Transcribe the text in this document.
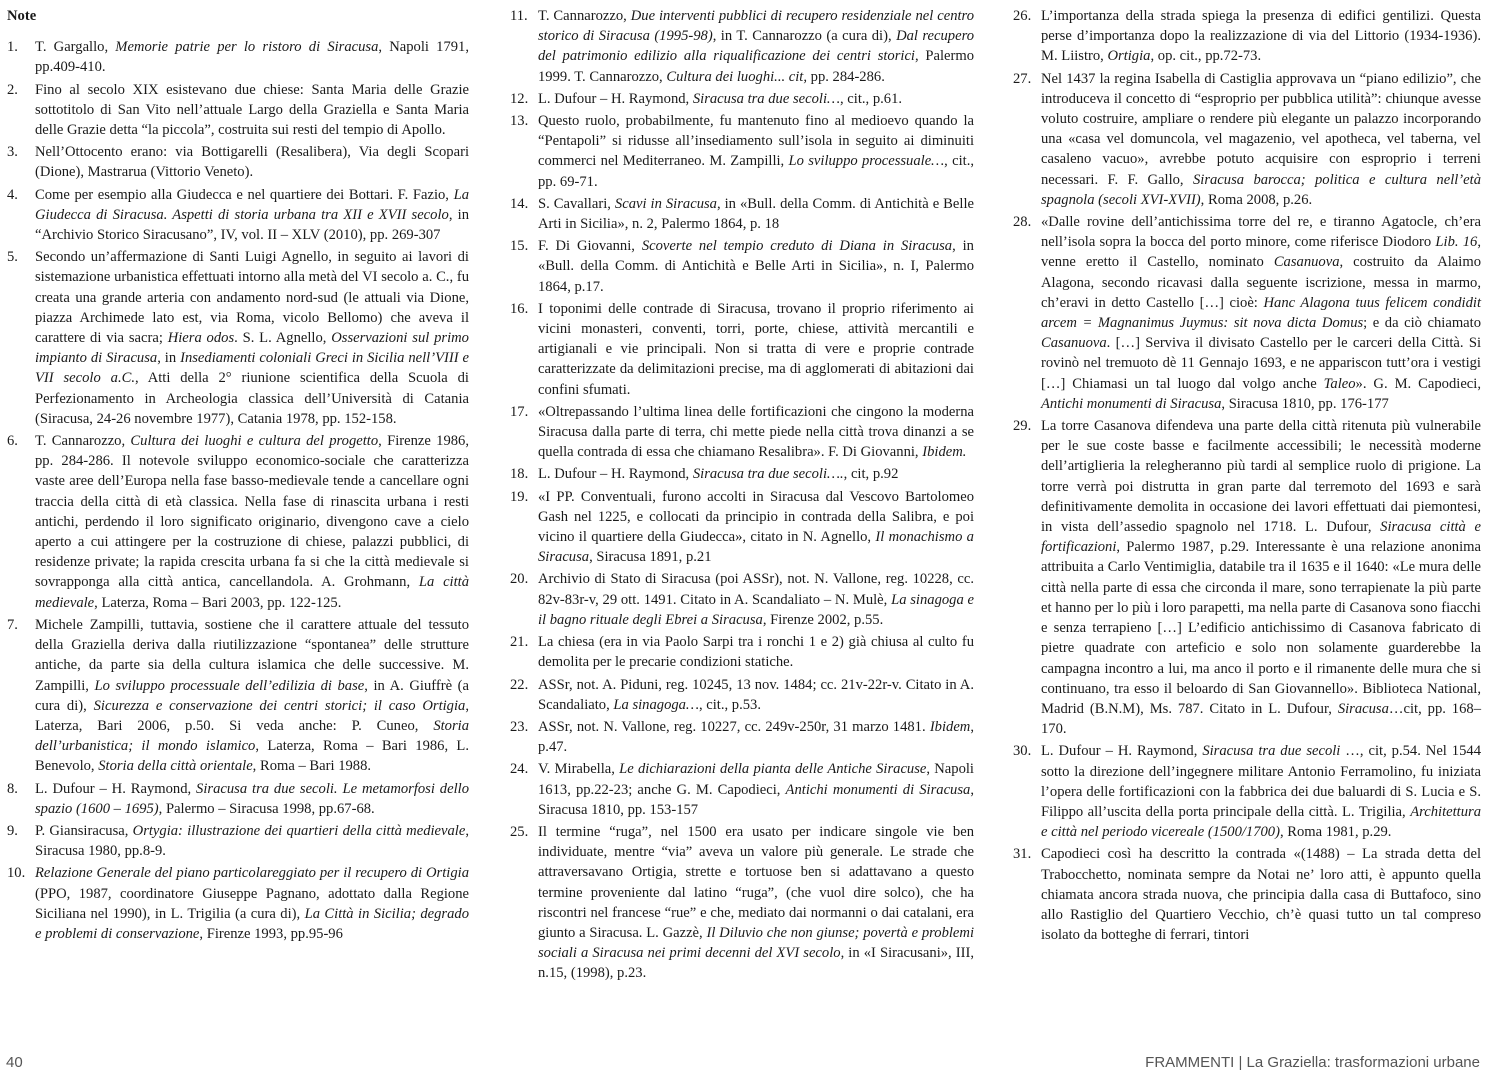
Note
1. T. Gargallo, Memorie patrie per lo ristoro di Siracusa, Napoli 1791, pp.409-410.
2. Fino al secolo XIX esistevano due chiese: Santa Maria delle Grazie sottotitolo di San Vito nell’attuale Largo della Graziella e Santa Maria delle Grazie detta “la piccola”, costruita sui resti del tempio di Apollo.
3. Nell’Ottocento erano: via Bottigarelli (Resalibera), Via degli Scopari (Dione), Mastrarua (Vittorio Veneto).
4. Come per esempio alla Giudecca e nel quartiere dei Bottari. F. Fazio, La Giudecca di Siracusa. Aspetti di storia urbana tra XII e XVII secolo, in “Archivio Storico Siracusano”, IV, vol. II – XLV (2010), pp. 269-307
5. Secondo un’affermazione di Santi Luigi Agnello, in seguito ai lavori di sistemazione urbanistica effettuati intorno alla metà del VI secolo a. C., fu creata una grande arteria con andamento nord-sud (le attuali via Dione, piazza Archimede lato est, via Roma, vicolo Bellomo) che aveva il carattere di via sacra; Hiera odos. S. L. Agnello, Osservazioni sul primo impianto di Siracusa, in Insediamenti coloniali Greci in Sicilia nell’VIII e VII secolo a.C., Atti della 2° riunione scientifica della Scuola di Perfezionamento in Archeologia classica dell’Università di Catania (Siracusa, 24-26 novembre 1977), Catania 1978, pp. 152-158.
6. T. Cannarozzo, Cultura dei luoghi e cultura del progetto, Firenze 1986, pp. 284-286. Il notevole sviluppo economico-sociale che caratterizza vaste aree dell’Europa nella fase basso-medievale tende a cancellare ogni traccia della città di età classica. Nella fase di rinascita urbana i resti antichi, perdendo il loro significato originario, divengono cave a cielo aperto a cui attingere per la costruzione di chiese, palazzi pubblici, di residenze private; la rapida crescita urbana fa si che la città medievale si sovrapponga alla città antica, cancellandola. A. Grohmann, La città medievale, Laterza, Roma – Bari 2003, pp. 122-125.
7. Michele Zampilli, tuttavia, sostiene che il carattere attuale del tessuto della Graziella deriva dalla riutilizzazione “spontanea” delle strutture antiche, da parte sia della cultura islamica che delle successive. M. Zampilli, Lo sviluppo processuale dell’edilizia di base, in A. Giuffrè (a cura di), Sicurezza e conservazione dei centri storici; il caso Ortigia, Laterza, Bari 2006, p.50. Si veda anche: P. Cuneo, Storia dell’urbanistica; il mondo islamico, Laterza, Roma – Bari 1986, L. Benevolo, Storia della città orientale, Roma – Bari 1988.
8. L. Dufour – H. Raymond, Siracusa tra due secoli. Le metamorfosi dello spazio (1600 – 1695), Palermo – Siracusa 1998, pp.67-68.
9. P. Giansiracusa, Ortygia: illustrazione dei quartieri della città medievale, Siracusa 1980, pp.8-9.
10. Relazione Generale del piano particolareggiato per il recupero di Ortigia (PPO, 1987, coordinatore Giuseppe Pagnano, adottato dalla Regione Siciliana nel 1990), in L. Trigilia (a cura di), La Città in Sicilia; degrado e problemi di conservazione, Firenze 1993, pp.95-96
11. T. Cannarozzo, Due interventi pubblici di recupero residenziale nel centro storico di Siracusa (1995-98), in T. Cannarozzo (a cura di), Dal recupero del patrimonio edilizio alla riqualificazione dei centri storici, Palermo 1999. T. Cannarozzo, Cultura dei luoghi... cit, pp. 284-286.
12. L. Dufour – H. Raymond, Siracusa tra due secoli…, cit., p.61.
13. Questo ruolo, probabilmente, fu mantenuto fino al medioevo quando la “Pentapoli” si ridusse all’insediamento sull’isola in seguito ai diminuiti commerci nel Mediterraneo. M. Zampilli, Lo sviluppo processuale…, cit., pp. 69-71.
14. S. Cavallari, Scavi in Siracusa, in «Bull. della Comm. di Antichità e Belle Arti in Sicilia», n. 2, Palermo 1864, p. 18
15. F. Di Giovanni, Scoverte nel tempio creduto di Diana in Siracusa, in «Bull. della Comm. di Antichità e Belle Arti in Sicilia», n. I, Palermo 1864, p.17.
16. I toponimi delle contrade di Siracusa, trovano il proprio riferimento ai vicini monasteri, conventi, torri, porte, chiese, attività mercantili e artigianali e vie principali. Non si tratta di vere e proprie contrade caratterizzate da delimitazioni precise, ma di agglomerati di abitazioni dai confini sfumati.
17. «Oltrepassando l’ultima linea delle fortificazioni che cingono la moderna Siracusa dalla parte di terra, chi mette piede nella città trova dinanzi a se quella contrada di essa che chiamano Resalibra». F. Di Giovanni, Ibidem.
18. L. Dufour – H. Raymond, Siracusa tra due secoli…., cit, p.92
19. «I PP. Conventuali, furono accolti in Siracusa dal Vescovo Bartolomeo Gash nel 1225, e collocati da principio in contrada della Salibra, e poi vicino il quartiere della Giudecca», citato in N. Agnello, Il monachismo a Siracusa, Siracusa 1891, p.21
20. Archivio di Stato di Siracusa (poi ASSr), not. N. Vallone, reg. 10228, cc. 82v-83r-v, 29 ott. 1491. Citato in A. Scandaliato – N. Mulè, La sinagoga e il bagno rituale degli Ebrei a Siracusa, Firenze 2002, p.55.
21. La chiesa (era in via Paolo Sarpi tra i ronchi 1 e 2) già chiusa al culto fu demolita per le precarie condizioni statiche.
22. ASSr, not. A. Piduni, reg. 10245, 13 nov. 1484; cc. 21v-22r-v. Citato in A. Scandaliato, La sinagoga…, cit., p.53.
23. ASSr, not. N. Vallone, reg. 10227, cc. 249v-250r, 31 marzo 1481. Ibidem, p.47.
24. V. Mirabella, Le dichiarazioni della pianta delle Antiche Siracuse, Napoli 1613, pp.22-23; anche G. M. Capodieci, Antichi monumenti di Siracusa, Siracusa 1810, pp. 153-157
25. Il termine “ruga”, nel 1500 era usato per indicare singole vie ben individuate, mentre “via” aveva un valore più generale. Le strade che attraversavano Ortigia, strette e tortuose ben si adattavano a questo termine proveniente dal latino “ruga”, (che vuol dire solco), che ha riscontri nel francese “rue” e che, mediato dai normanni o dai catalani, era giunto a Siracusa. L. Gazzè, Il Diluvio che non giunse; povertà e problemi sociali a Siracusa nei primi decenni del XVI secolo, in «I Siracusani», III, n.15, (1998), p.23.
26. L’importanza della strada spiega la presenza di edifici gentilizi. Questa perse d’importanza dopo la realizzazione di via del Littorio (1934-1936). M. Liistro, Ortigia, op. cit., pp.72-73.
27. Nel 1437 la regina Isabella di Castiglia approvava un “piano edilizio”, che introduceva il concetto di “esproprio per pubblica utilità”: chiunque avesse voluto costruire, ampliare o rendere più elegante un palazzo incorporando una «casa vel domuncola, vel magazenio, vel apotheca, vel taberna, vel casaleno vacuo», avrebbe potuto acquisire con esproprio i terreni necessari. F. F. Gallo, Siracusa barocca; politica e cultura nell’età spagnola (secoli XVI-XVII), Roma 2008, p.26.
28. «Dalle rovine dell’antichissima torre del re, e tiranno Agatocle, ch’era nell’isola sopra la bocca del porto minore, come riferisce Diodoro Lib. 16, venne eretto il Castello, nominato Casanuova, costruito da Alaimo Alagona, secondo ricavasi dalla seguente iscrizione, messa in marmo, ch’eravi in detto Castello […] cioè: Hanc Alagona tuus felicem condidit arcem = Magnanimus Juymus: sit nova dicta Domus; e da ciò chiamato Casanuova. […] Serviva il divisato Castello per le carceri della Città. Si rovinò nel tremuoto dè 11 Gennajo 1693, e ne appariscon tutt’ora i vestigi […] Chiamasi un tal luogo dal volgo anche Taleo». G. M. Capodieci, Antichi monumenti di Siracusa, Siracusa 1810, pp. 176-177
29. La torre Casanova difendeva una parte della città ritenuta più vulnerabile per le sue coste basse e facilmente accessibili; le necessità moderne dell’artiglieria la relegheranno più tardi al semplice ruolo di prigione. La torre verrà poi distrutta in gran parte dal terremoto del 1693 e sarà definitivamente demolita in occasione dei lavori effettuati dai piemontesi, in vista dell’assedio spagnolo nel 1718. L. Dufour, Siracusa città e fortificazioni, Palermo 1987, p.29. Interessante è una relazione anonima attribuita a Carlo Ventimiglia, databile tra il 1635 e il 1640: «Le mura delle città nella parte di essa che circonda il mare, sono terrapienate la più parte et hanno per lo più i loro parapetti, ma nella parte di Casanova sono fiacchi e senza terrapieno […] L’edificio antichissimo di Casanova fabricato di pietre quadrate con arteficio e solo non solamente guarderebbe la campagna incontro a lui, ma anco il porto e il rimanente delle mura che si continuano, tra esso il beloardo di San Giovannello». Biblioteca National, Madrid (B.N.M), Ms. 787. Citato in L. Dufour, Siracusa…cit, pp. 168–170.
30. L. Dufour – H. Raymond, Siracusa tra due secoli …, cit, p.54. Nel 1544 sotto la direzione dell’ingegnere militare Antonio Ferramolino, fu iniziata l’opera delle fortificazioni con la fabbrica dei due baluardi di S. Lucia e S. Filippo all’uscita della porta principale della città. L. Trigilia, Architettura e città nel periodo vicereale (1500/1700), Roma 1981, p.29.
31. Capodieci così ha descritto la contrada «(1488) – La strada detta del Trabocchetto, nominata sempre da Notai ne’ loro atti, è appunto quella chiamata ancora strada nuova, che principia dalla casa di Buttafoco, sino allo Rastiglio del Quartiero Vecchio, ch’è quasi tutto un tal compreso isolato da botteghe di ferrari, tintori
40	FRAMMENTI | La Graziella: trasformazioni urbane
